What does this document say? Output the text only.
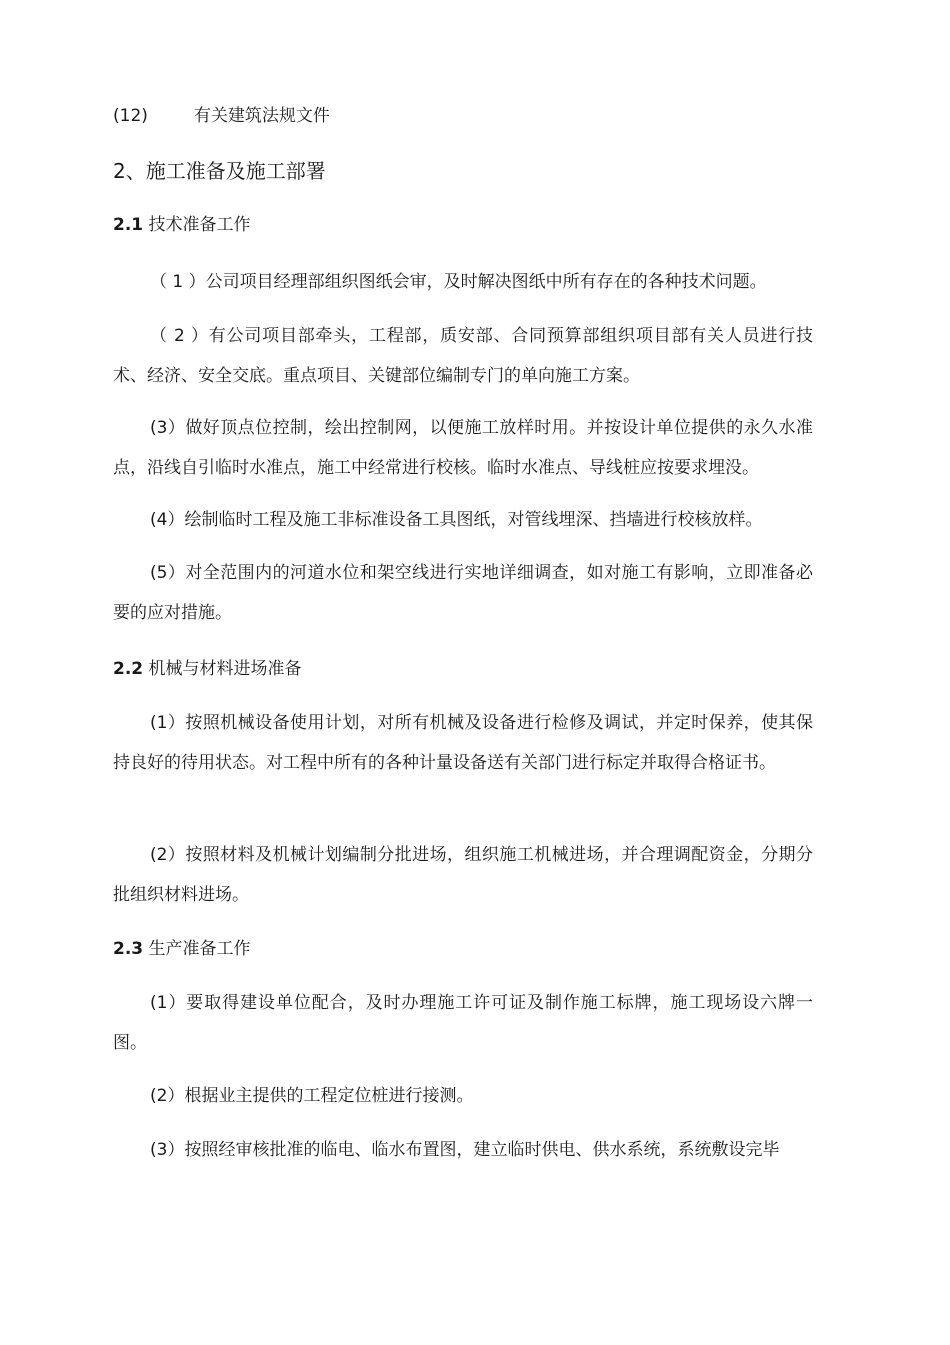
(12)	有关建筑法规文件

2、施工准备及施工部署
2.1 技术准备工作

（ 1 ）公司项目经理部组织图纸会审，及时解决图纸中所有存在的各种技术问题。

（ 2 ）有公司项目部牵头，工程部，质安部、合同预算部组织项目部有关人员进行技术、经济、安全交底。重点项目、关键部位编制专门的单向施工方案。

(3）做好顶点位控制，绘出控制网，以便施工放样时用。并按设计单位提供的永久水准点，沿线自引临时水准点，施工中经常进行校核。临时水准点、导线桩应按要求埋没。

(4）绘制临时工程及施工非标准设备工具图纸，对管线埋深、挡墙进行校核放样。

(5）对全范围内的河道水位和架空线进行实地详细调查，如对施工有影响，立即准备必要的应对措施。

2.2 机械与材料进场准备

(1）按照机械设备使用计划，对所有机械及设备进行检修及调试，并定时保养，使其保持良好的待用状态。对工程中所有的各种计量设备送有关部门进行标定并取得合格证书。

(2）按照材料及机械计划编制分批进场，组织施工机械进场，并合理调配资金，分期分批组织材料进场。

2.3 生产准备工作

(1）要取得建设单位配合，及时办理施工许可证及制作施工标牌，施工现场设六牌一图。

(2）根据业主提供的工程定位桩进行接测。

(3）按照经审核批准的临电、临水布置图，建立临时供电、供水系统，系统敷设完毕
